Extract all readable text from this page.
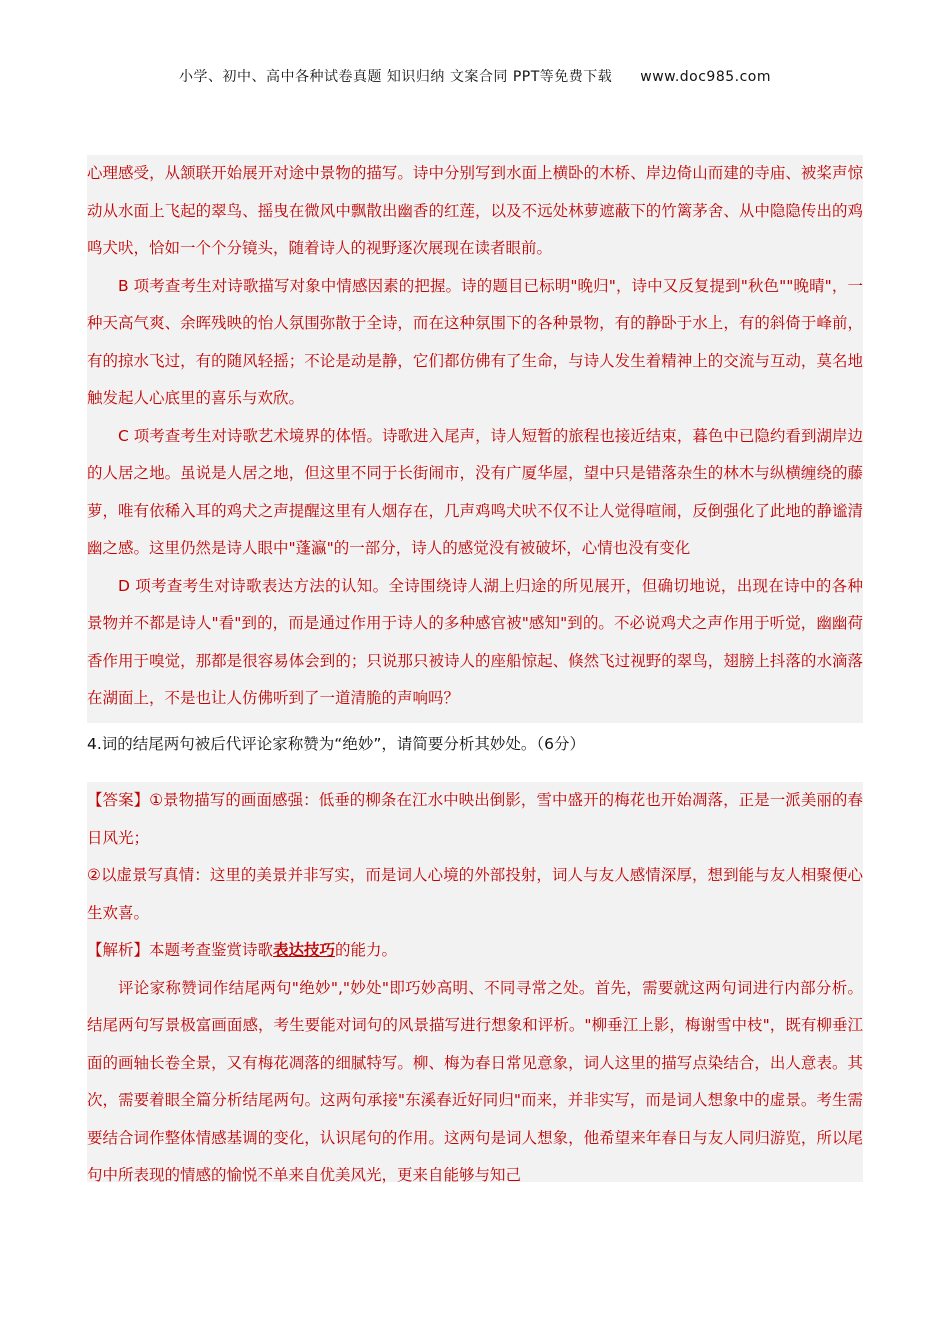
小学、初中、高中各种试卷真题 知识归纳 文案合同 PPT等免费下载 www.doc985.com

心理感受，从颔联开始展开对途中景物的描写。诗中分别写到水面上横卧的木桥、岸边倚山而建的寺庙、被桨声惊动从水面上飞起的翠鸟、摇曳在微风中飘散出幽香的红莲，以及不远处林萝遮蔽下的竹篱茅舍、从中隐隐传出的鸡鸣犬吠，恰如一个个分镜头，随着诗人的视野逐次展现在读者眼前。

B 项考查考生对诗歌描写对象中情感因素的把握。诗的题目已标明"晚归"，诗中又反复提到"秋色""晚晴"，一种天高气爽、余晖残映的怡人氛围弥散于全诗，而在这种氛围下的各种景物，有的静卧于水上，有的斜倚于峰前，有的掠水飞过，有的随风轻摇；不论是动是静，它们都仿佛有了生命，与诗人发生着精神上的交流与互动，莫名地触发起人心底里的喜乐与欢欣。

C 项考查考生对诗歌艺术境界的体悟。诗歌进入尾声，诗人短暂的旅程也接近结束，暮色中已隐约看到湖岸边的人居之地。虽说是人居之地，但这里不同于长街闹市，没有广厦华屋，望中只是错落杂生的林木与纵横缠绕的藤萝，唯有依稀入耳的鸡犬之声提醒这里有人烟存在，几声鸡鸣犬吠不仅不让人觉得喧闹，反倒强化了此地的静谧清幽之感。这里仍然是诗人眼中"蓬瀛"的一部分，诗人的感觉没有被破坏，心情也没有变化

D 项考查考生对诗歌表达方法的认知。全诗围绕诗人湖上归途的所见展开，但确切地说，出现在诗中的各种景物并不都是诗人"看"到的，而是通过作用于诗人的多种感官被"感知"到的。不必说鸡犬之声作用于听觉，幽幽荷香作用于嗅觉，那都是很容易体会到的；只说那只被诗人的座船惊起、倏然飞过视野的翠鸟，翅膀上抖落的水滴落在湖面上，不是也让人仿佛听到了一道清脆的声响吗？

4.词的结尾两句被后代评论家称赞为“绝妙”，请简要分析其妙处。（6分）

【答案】①景物描写的画面感强：低垂的柳条在江水中映出倒影，雪中盛开的梅花也开始凋落，正是一派美丽的春日风光；

②以虚景写真情：这里的美景并非写实，而是词人心境的外部投射，词人与友人感情深厚，想到能与友人相聚便心生欢喜。

【解析】本题考查鉴赏诗歌表达技巧的能力。

评论家称赞词作结尾两句"绝妙","妙处"即巧妙高明、不同寻常之处。首先，需要就这两句词进行内部分析。结尾两句写景极富画面感，考生要能对词句的风景描写进行想象和评析。"柳垂江上影，梅谢雪中枝"，既有柳垂江面的画轴长卷全景，又有梅花凋落的细腻特写。柳、梅为春日常见意象，词人这里的描写点染结合，出人意表。其次，需要着眼全篇分析结尾两句。这两句承接"东溪春近好同归"而来，并非实写，而是词人想象中的虚景。考生需要结合词作整体情感基调的变化，认识尾句的作用。这两句是词人想象，他希望来年春日与友人同归游览，所以尾句中所表现的情感的愉悦不单来自优美风光，更来自能够与知己
